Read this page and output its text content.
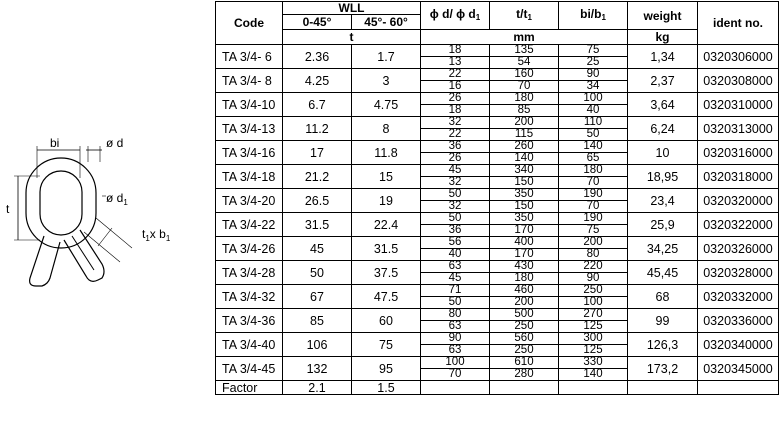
bi	ø d
t
ø $d_1$
$t_1x$ $b_1$
Code	WLL		ϕ d/ ϕ $d_1$	$t/t_1$	$bi/b_1$	weight	ident no.
	0-45°	45°- 60°					
	t		mm			kg	
TA 3/4- 6	2.36	1.7	18	135	75	1,34	0320306000
			13	54	25		
TA 3/4- 8	4.25	3	22	160	90	2,37	0320308000
			16	70	34		
TA 3/4-10	6.7	4.75	26	180	100	3,64	0320310000
			18	85	40		
TA 3/4-13	11.2	8	32	200	110	6,24	0320313000
			22	115	50		
TA 3/4-16	17	11.8	36	260	140	10	0320316000
			26	140	65		
TA 3/4-18	21.2	15	45	340	180	18,95	0320318000
			32	150	70		
TA 3/4-20	26.5	19	50	350	190	23,4	0320320000
			32	150	70		
TA 3/4-22	31.5	22.4	50	350	190	25,9	0320322000
			36	170	75		
TA 3/4-26	45	31.5	56	400	200	34,25	0320326000
			40	170	80		
TA 3/4-28	50	37.5	63	430	220	45,45	0320328000
			45	180	90		
TA 3/4-32	67	47.5	71	460	250	68	0320332000
			50	200	100		
TA 3/4-36	85	60	80	500	270	99	0320336000
			63	250	125		
TA 3/4-40	106	75	90	560	300	126,3	0320340000
			63	250	125		
TA 3/4-45	132	95	100	610	330	173,2	0320345000
			70	280	140		
Factor	2.1	1.5					
